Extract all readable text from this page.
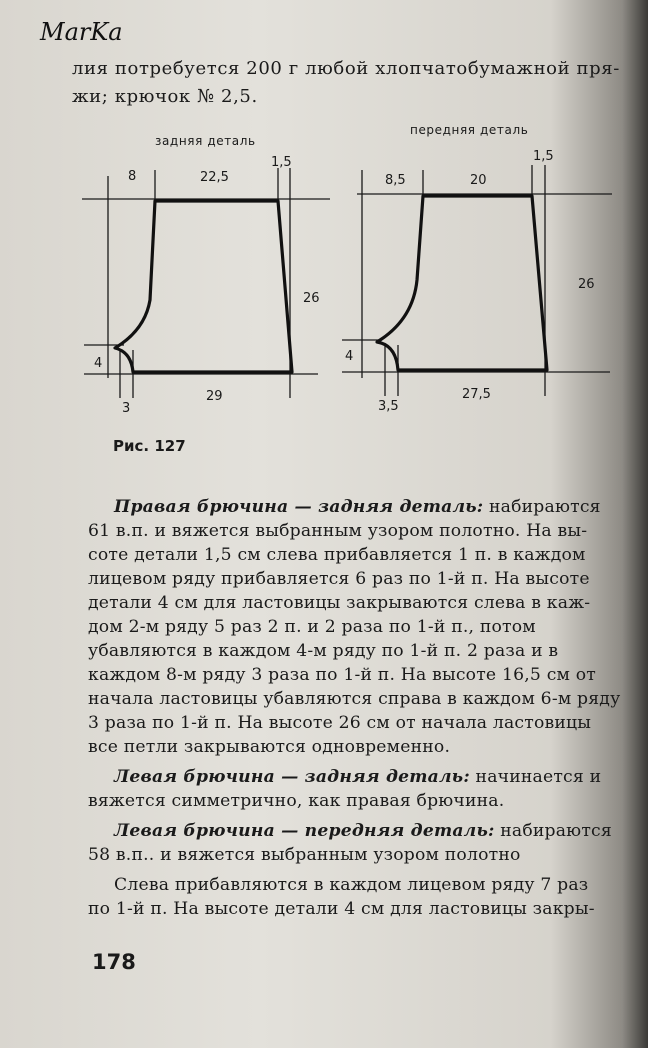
MarKa
лия потребуется 200 г любой хлопчатобумажной пря-
жи; крючок № 2,5.
задняя деталь
передняя деталь
8	22,5
1,5
26
4
3
29
8,5	20
1,5
26
4
3,5
27,5
Рис. 127
Правая брючина — задняя деталь: набираются
61 в.п. и вяжется выбранным узором полотно. На вы-
соте детали 1,5 см слева прибавляется 1 п. в каждом
лицевом ряду прибавляется 6 раз по 1-й п. На высоте
детали 4 см для ластовицы закрываются слева в каж-
дом 2-м ряду 5 раз 2 п. и 2 раза по 1-й п., потом
убавляются в каждом 4-м ряду по 1-й п. 2 раза и в
каждом 8-м ряду 3 раза по 1-й п. На высоте 16,5 см от
начала ластовицы убавляются справа в каждом 6-м ряду
3 раза по 1-й п. На высоте 26 см от начала ластовицы
все петли закрываются одновременно.
Левая брючина — задняя деталь: начинается и
вяжется симметрично, как правая брючина.
Левая брючина — передняя деталь: набираются
58 в.п.. и вяжется выбранным узором полотно
Слева прибавляются в каждом лицевом ряду 7 раз
по 1-й п. На высоте детали 4 см для ластовицы закры-
178
